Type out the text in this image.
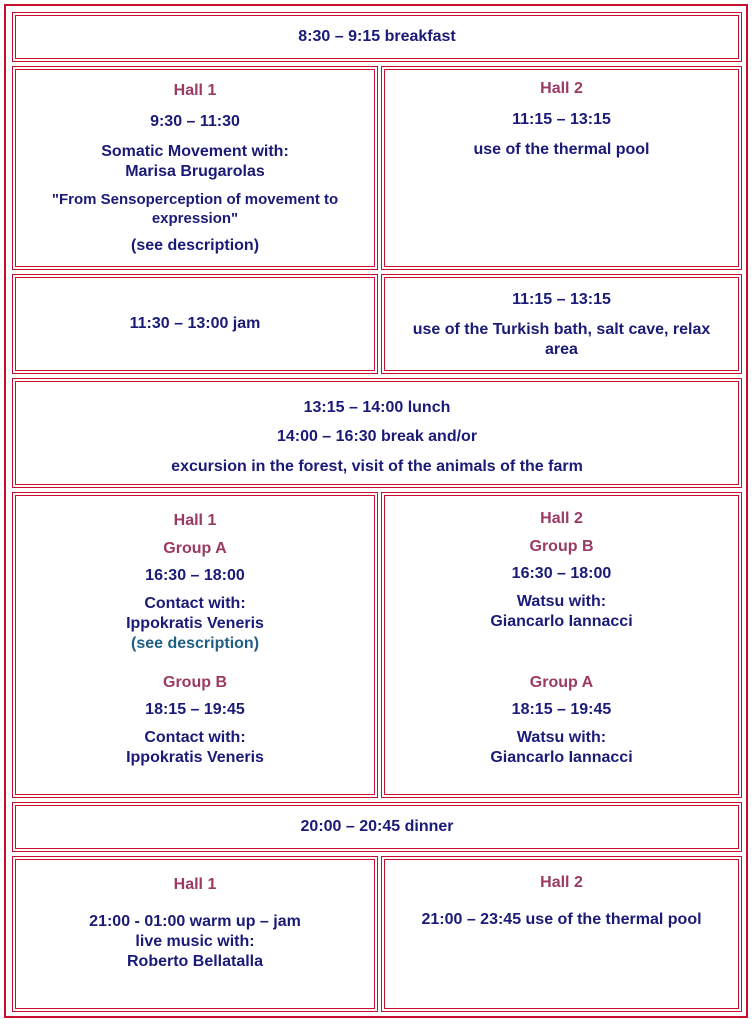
8:30 – 9:15 breakfast
Hall 1
9:30 – 11:30
Somatic Movement with:
Marisa Brugarolas
"From Sensoperception of movement to
expression"
(see description)
Hall 2
11:15 – 13:15
use of the thermal pool
11:30 – 13:00 jam
11:15 – 13:15
use of the Turkish bath, salt cave, relax
area
13:15 – 14:00 lunch
14:00 – 16:30 break and/or
excursion in the forest, visit of the animals of the farm
Hall 1
Group A
16:30 – 18:00
Contact with:
Ippokratis Veneris
(see description)
Group B
18:15 – 19:45
Contact with:
Ippokratis Veneris
Hall 2
Group B
16:30 – 18:00
Watsu with:
Giancarlo Iannacci
Group A
18:15 – 19:45
Watsu with:
Giancarlo Iannacci
20:00 – 20:45 dinner
Hall 1
21:00 - 01:00 warm up – jam
live music with:
Roberto Bellatalla
Hall 2
21:00 – 23:45 use of the thermal pool
